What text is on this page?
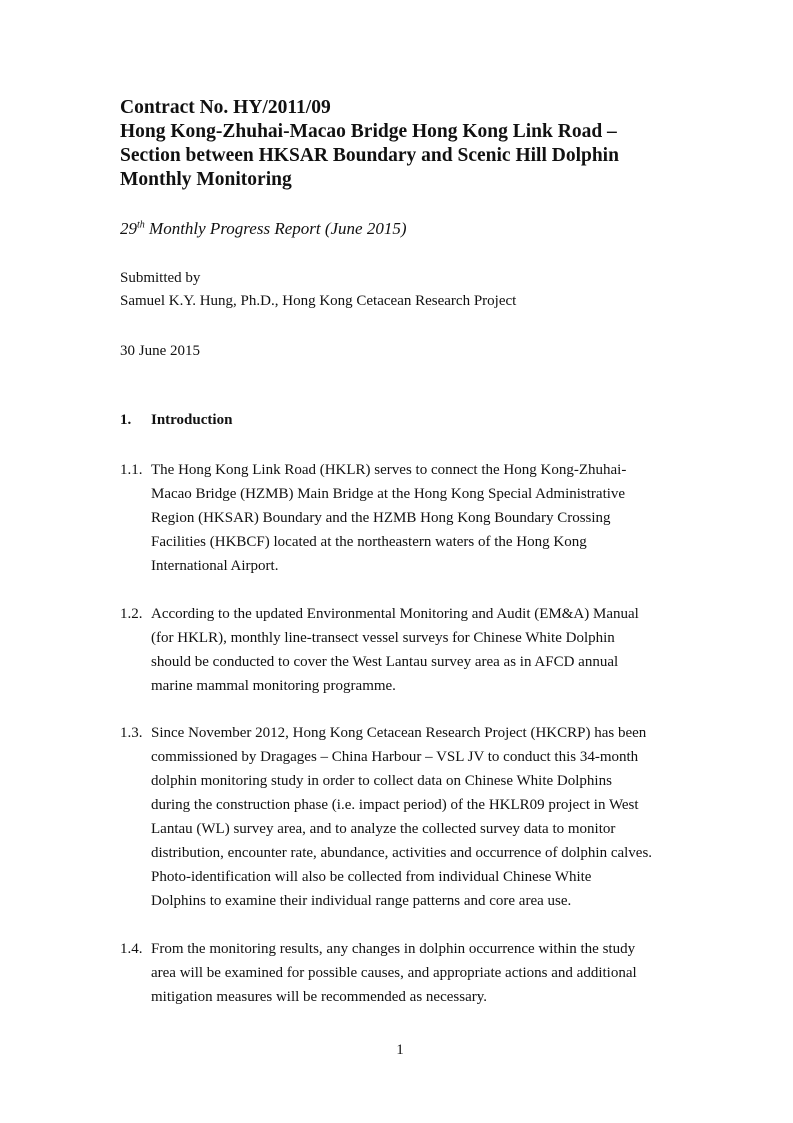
Contract No. HY/2011/09
Hong Kong-Zhuhai-Macao Bridge Hong Kong Link Road –
Section between HKSAR Boundary and Scenic Hill Dolphin
Monthly Monitoring
29th Monthly Progress Report (June 2015)
Submitted by
Samuel K.Y. Hung, Ph.D., Hong Kong Cetacean Research Project
30 June 2015
1. Introduction
1.1. The Hong Kong Link Road (HKLR) serves to connect the Hong Kong-Zhuhai-
Macao Bridge (HZMB) Main Bridge at the Hong Kong Special Administrative
Region (HKSAR) Boundary and the HZMB Hong Kong Boundary Crossing
Facilities (HKBCF) located at the northeastern waters of the Hong Kong
International Airport.
1.2. According to the updated Environmental Monitoring and Audit (EM&A) Manual
(for HKLR), monthly line-transect vessel surveys for Chinese White Dolphin
should be conducted to cover the West Lantau survey area as in AFCD annual
marine mammal monitoring programme.
1.3. Since November 2012, Hong Kong Cetacean Research Project (HKCRP) has been
commissioned by Dragages – China Harbour – VSL JV to conduct this 34-month
dolphin monitoring study in order to collect data on Chinese White Dolphins
during the construction phase (i.e. impact period) of the HKLR09 project in West
Lantau (WL) survey area, and to analyze the collected survey data to monitor
distribution, encounter rate, abundance, activities and occurrence of dolphin calves.
Photo-identification will also be collected from individual Chinese White
Dolphins to examine their individual range patterns and core area use.
1.4. From the monitoring results, any changes in dolphin occurrence within the study
area will be examined for possible causes, and appropriate actions and additional
mitigation measures will be recommended as necessary.
1
